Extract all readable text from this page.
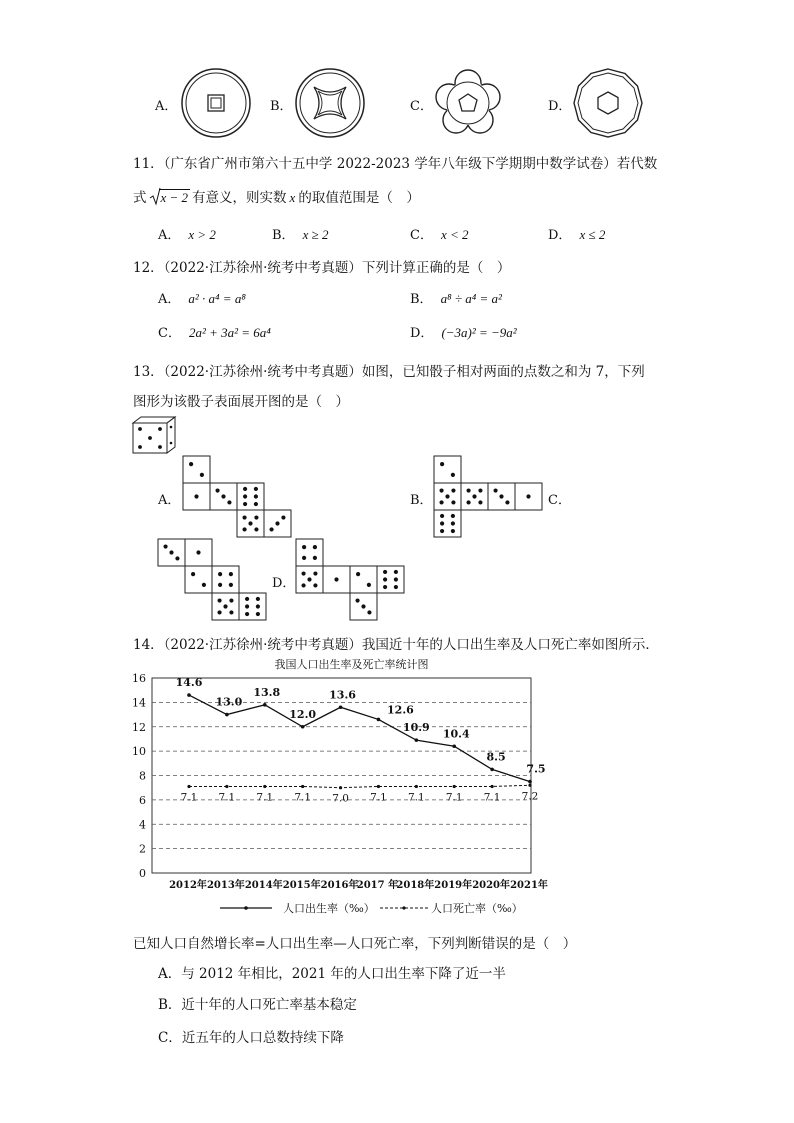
A．	B．	C．	D．
11．（广东省广州市第六十五中学 2022-2023 学年八年级下学期期中数学试卷）若代数
式 x − 2 有意义，则实数 x 的取值范围是（　）
A． x > 2	B． x ≥ 2	C． x < 2	D． x ≤ 2
12．（2022·江苏徐州·统考中考真题）下列计算正确的是（　）
A． a² · a⁴ = a⁸	B． a⁸ ÷ a⁴ = a²
C． 2a² + 3a² = 6a⁴	D． (−3a)² = −9a²
13．（2022·江苏徐州·统考中考真题）如图，已知骰子相对两面的点数之和为 7，下列
图形为该骰子表面展开图的是（　）
A．	B．	C．
D．
14．（2022·江苏徐州·统考中考真题）我国近十年的人口出生率及人口死亡率如图所示．
我国人口出生率及死亡率统计图
0
2
4
6
8
10
12
14
16
2012年 2013年 2014年 2015年 2016年
2017 年
2018年 2019年 2020年 2021年
14.6
13.0
13.8
12.0
13.6
12.6
10.9 10.4
8.5
7.5
7.1 7.1 7.1 7.1 7.0 7.1 7.1 7.1 7.1 7.2
人口出生率（‰）	人口死亡率（‰）
已知人口自然增长率=人口出生率—人口死亡率，下列判断错误的是（　）
A．与 2012 年相比，2021 年的人口出生率下降了近一半
B．近十年的人口死亡率基本稳定
C．近五年的人口总数持续下降
